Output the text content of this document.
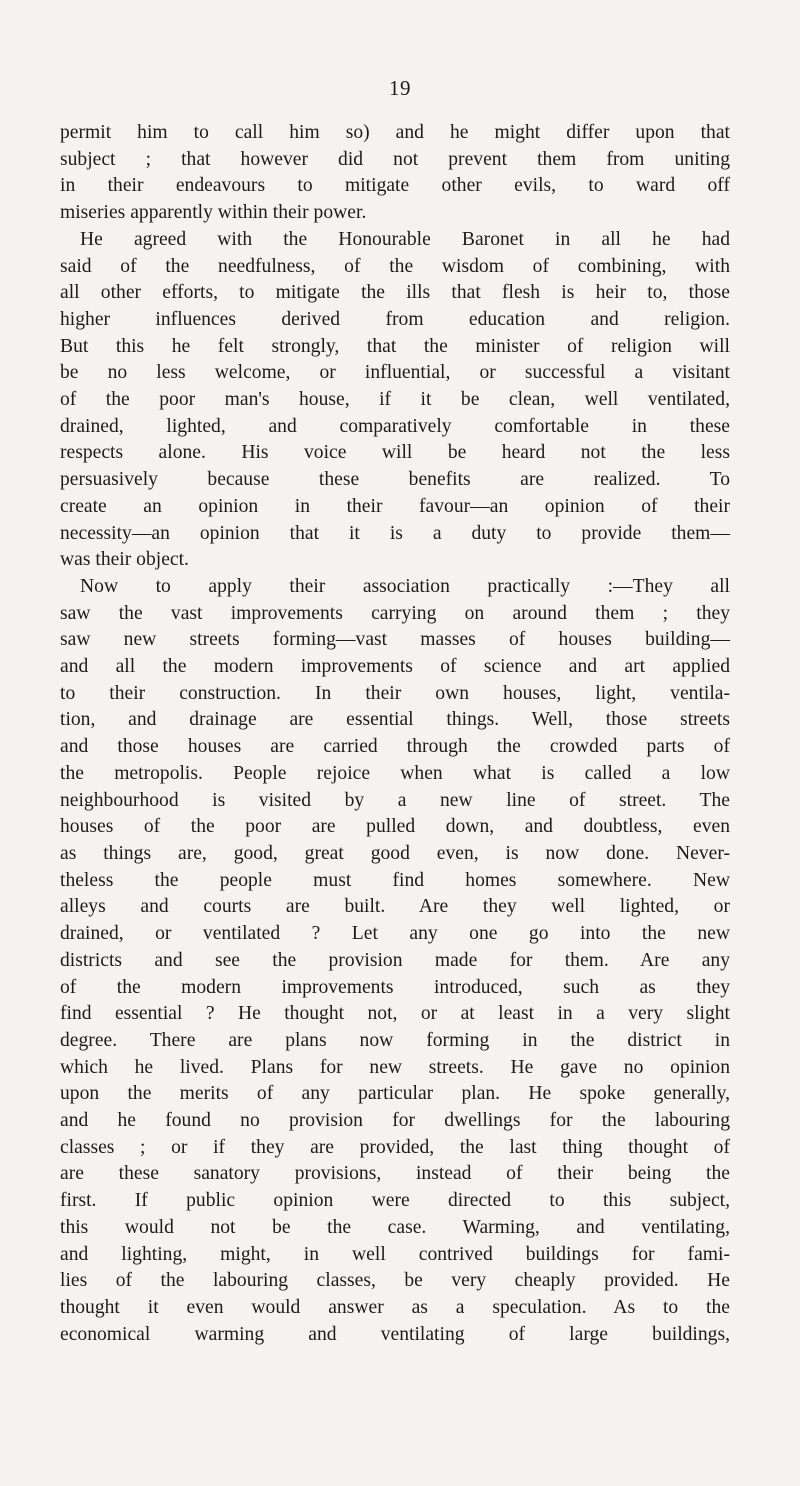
19
permit him to call him so) and he might differ upon that
subject ; that however did not prevent them from uniting
in their endeavours to mitigate other evils, to ward off
miseries apparently within their power.
He agreed with the Honourable Baronet in all he had
said of the needfulness, of the wisdom of combining, with
all other efforts, to mitigate the ills that flesh is heir to, those
higher influences derived from education and religion.
But this he felt strongly, that the minister of religion will
be no less welcome, or influential, or successful a visitant
of the poor man's house, if it be clean, well ventilated,
drained, lighted, and comparatively comfortable in these
respects alone. His voice will be heard not the less
persuasively because these benefits are realized. To
create an opinion in their favour—an opinion of their
necessity—an opinion that it is a duty to provide them—
was their object.
Now to apply their association practically :—They all
saw the vast improvements carrying on around them ; they
saw new streets forming—vast masses of houses building—
and all the modern improvements of science and art applied
to their construction. In their own houses, light, ventila-
tion, and drainage are essential things. Well, those streets
and those houses are carried through the crowded parts of
the metropolis. People rejoice when what is called a low
neighbourhood is visited by a new line of street. The
houses of the poor are pulled down, and doubtless, even
as things are, good, great good even, is now done. Never-
theless the people must find homes somewhere. New
alleys and courts are built. Are they well lighted, or
drained, or ventilated ? Let any one go into the new
districts and see the provision made for them. Are any
of the modern improvements introduced, such as they
find essential ? He thought not, or at least in a very slight
degree. There are plans now forming in the district in
which he lived. Plans for new streets. He gave no opinion
upon the merits of any particular plan. He spoke generally,
and he found no provision for dwellings for the labouring
classes ; or if they are provided, the last thing thought of
are these sanatory provisions, instead of their being the
first. If public opinion were directed to this subject,
this would not be the case. Warming, and ventilating,
and lighting, might, in well contrived buildings for fami-
lies of the labouring classes, be very cheaply provided. He
thought it even would answer as a speculation. As to the
economical warming and ventilating of large buildings,
